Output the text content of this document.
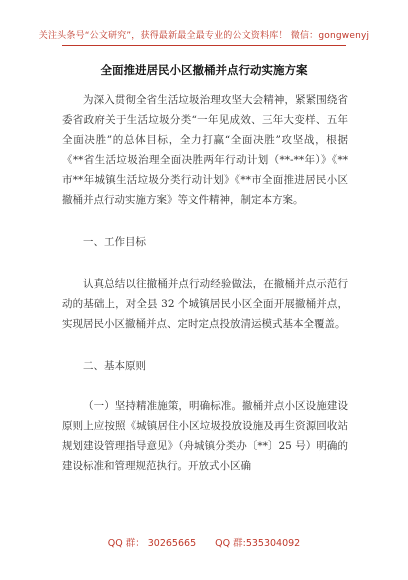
关注头条号“公文研究”，获得最新最全最专业的公文资料库！ 微信：gongwenyj
全面推进居民小区撤桶并点行动实施方案

为深入贯彻全省生活垃圾治理攻坚大会精神，紧紧围绕省委省政府关于生活垃圾分类“一年见成效、三年大变样、五年全面决胜”的总体目标，全力打赢“全面决胜”攻坚战，根据《**省生活垃圾治理全面决胜两年行动计划（**-**年）》《**市**年城镇生活垃圾分类行动计划》《**市全面推进居民小区撤桶并点行动实施方案》等文件精神，制定本方案。

一、工作目标

认真总结以往撤桶并点行动经验做法，在撤桶并点示范行动的基础上，对全县 32 个城镇居民小区全面开展撤桶并点，实现居民小区撤桶并点、定时定点投放清运模式基本全覆盖。

二、基本原则

（一）坚持精准施策，明确标准。撤桶并点小区设施建设原则上应按照《城镇居住小区垃圾投放设施及再生资源回收站规划建设管理指导意见》（舟城镇分类办〔**〕25 号）明确的建设标准和管理规范执行。开放式小区确

QQ 群： 30265665 QQ 群:535304092
